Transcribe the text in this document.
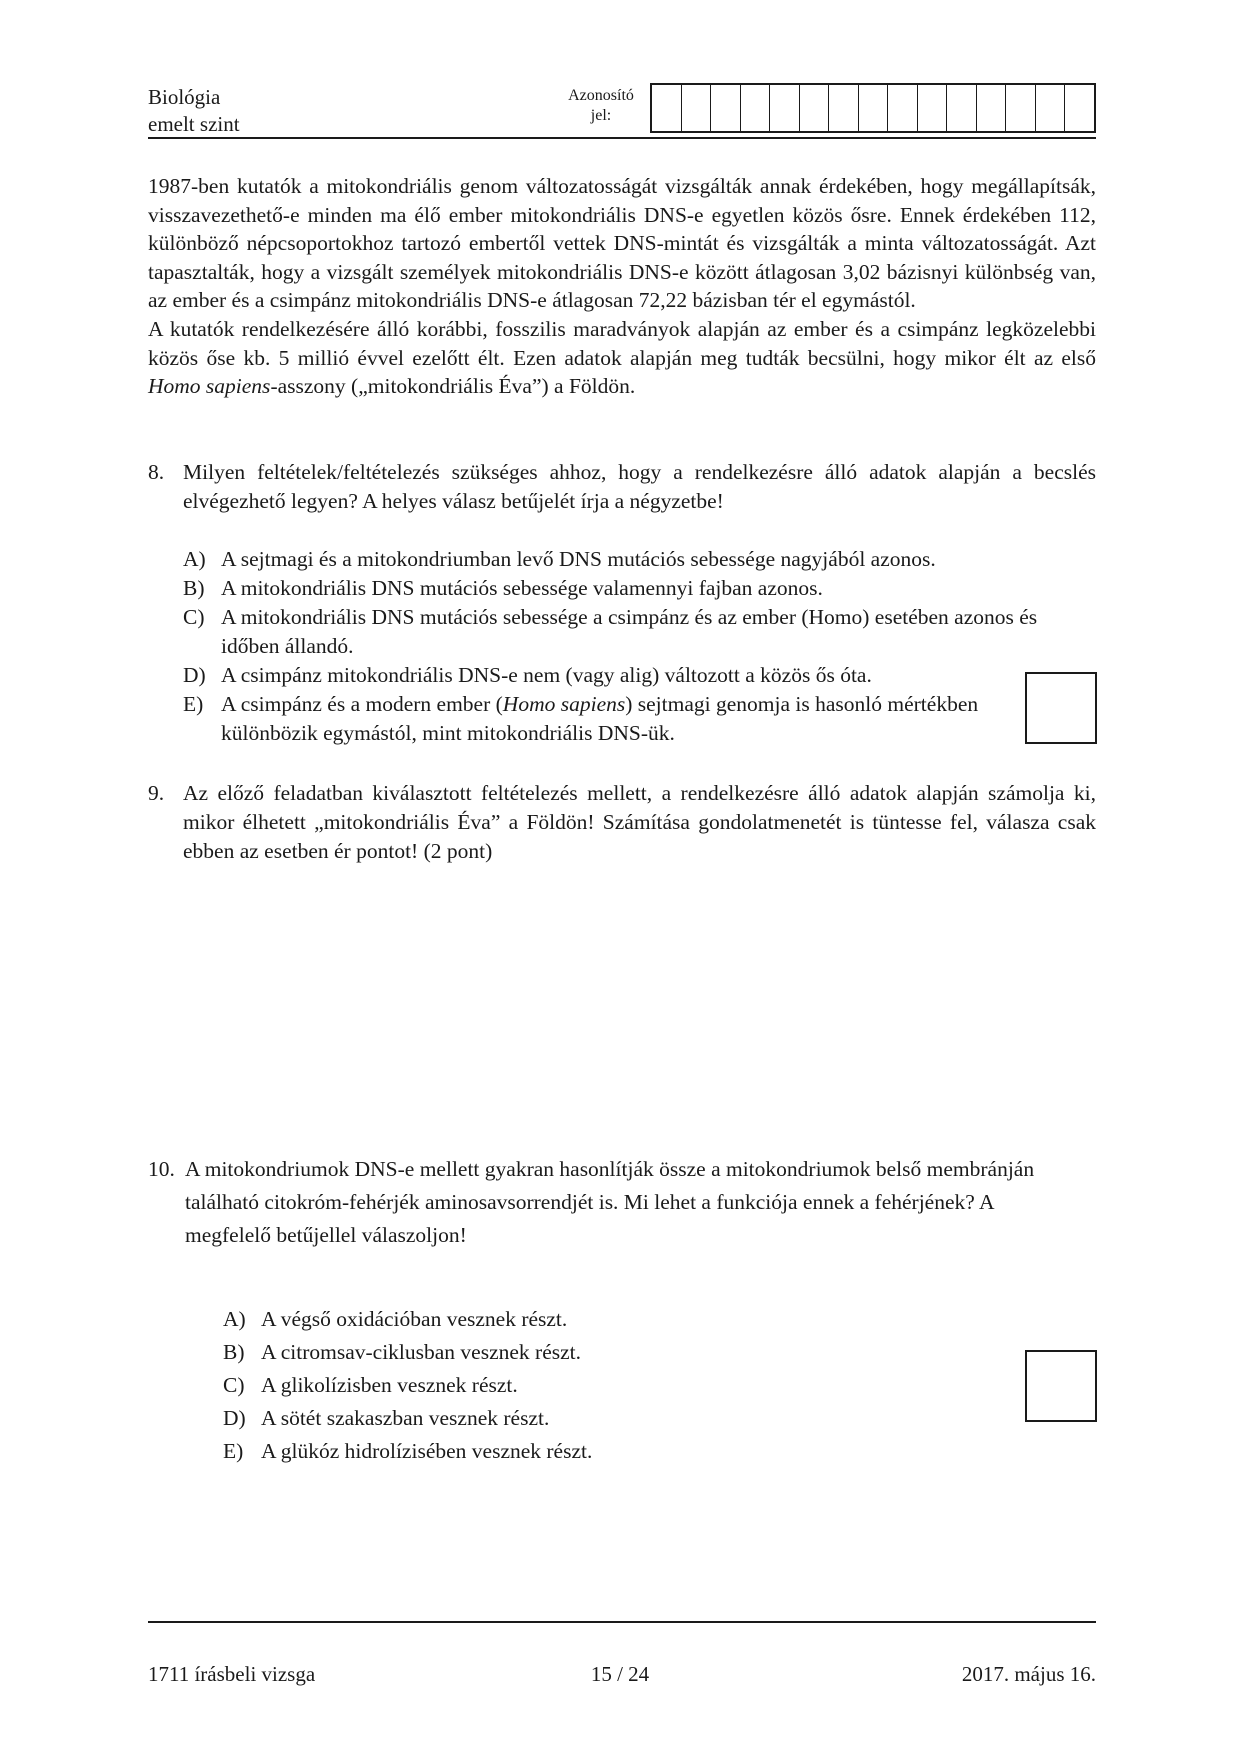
Biológia
emelt szint
Azonosító
jel:

1987-ben kutatók a mitokondriális genom változatosságát vizsgálták annak érdekében, hogy megállapítsák, visszavezethető-e minden ma élő ember mitokondriális DNS-e egyetlen közös ősre. Ennek érdekében 112, különböző népcsoportokhoz tartozó embertől vettek DNS-mintát és vizsgálták a minta változatosságát. Azt tapasztalták, hogy a vizsgált személyek mitokondriális DNS-e között átlagosan 3,02 bázisnyi különbség van, az ember és a csimpánz mitokondriális DNS-e átlagosan 72,22 bázisban tér el egymástól.

A kutatók rendelkezésére álló korábbi, fosszilis maradványok alapján az ember és a csimpánz legközelebbi közös őse kb. 5 millió évvel ezelőtt élt. Ezen adatok alapján meg tudták becsülni, hogy mikor élt az első Homo sapiens-asszony („mitokondriális Éva”) a Földön.

8. Milyen feltételek/feltételezés szükséges ahhoz, hogy a rendelkezésre álló adatok alapján a becslés elvégezhető legyen? A helyes válasz betűjelét írja a négyzetbe!
A) A sejtmagi és a mitokondriumban levő DNS mutációs sebessége nagyjából azonos.
B) A mitokondriális DNS mutációs sebessége valamennyi fajban azonos.
C) A mitokondriális DNS mutációs sebessége a csimpánz és az ember (Homo) esetében azonos és időben állandó.
D) A csimpánz mitokondriális DNS-e nem (vagy alig) változott a közös ős óta.
E) A csimpánz és a modern ember (Homo sapiens) sejtmagi genomja is hasonló mértékben különbözik egymástól, mint mitokondriális DNS-ük.
9. Az előző feladatban kiválasztott feltételezés mellett, a rendelkezésre álló adatok alapján számolja ki, mikor élhetett „mitokondriális Éva” a Földön! Számítása gondolatmenetét is tüntesse fel, válasza csak ebben az esetben ér pontot! (2 pont)
10. A mitokondriumok DNS-e mellett gyakran hasonlítják össze a mitokondriumok belső membránján található citokróm-fehérjék aminosavsorrendjét is. Mi lehet a funkciója ennek a fehérjének? A megfelelő betűjellel válaszoljon!
A) A végső oxidációban vesznek részt.
B) A citromsav-ciklusban vesznek részt.
C) A glikolízisben vesznek részt.
D) A sötét szakaszban vesznek részt.
E) A glükóz hidrolízisében vesznek részt.
1711 írásbeli vizsga	15 / 24	2017. május 16.
